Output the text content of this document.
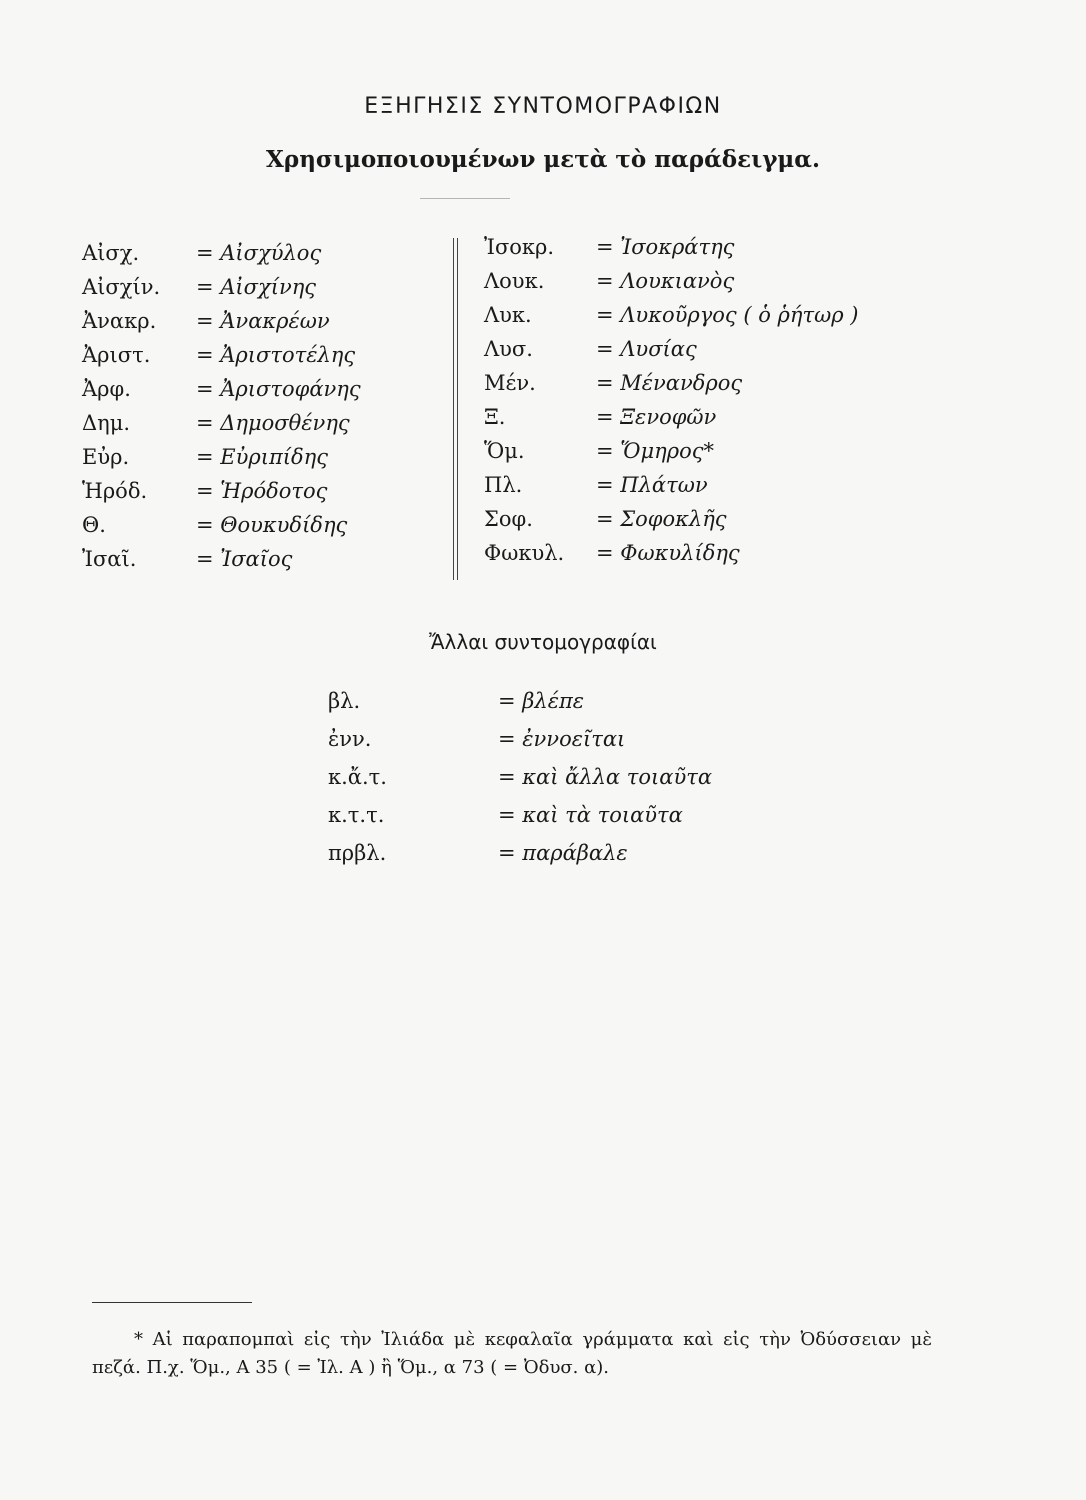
ΕΞΗΓΗΣΙΣ ΣΥΝΤΟΜΟΓΡΑΦΙΩΝ
Χρησιμοποιουμένων μετὰ τὸ παράδειγμα.
Αἰσχ.	= Αἰσχύλος
Αἰσχίν. = Αἰσχίνης
Ἀνακρ. = Ἀνακρέων
Ἀριστ. = Ἀριστοτέλης
Ἀρφ.	= Ἀριστοφάνης
Δημ.	= Δημοσθένης
Εὐρ.	= Εὐριπίδης
Ἡρόδ. = Ἡρόδοτος
Θ.	= Θουκυδίδης
Ἰσαῖ.	= Ἰσαῖος
Ἰσοκρ. = Ἰσοκράτης
Λουκ. = Λουκιανὸς
Λυκ.	= Λυκοῦργος ( ὁ ῥήτωρ )
Λυσ.	= Λυσίας
Μέν.	= Μένανδρος
Ξ.	= Ξενοφῶν
Ὅμ.	= Ὅμηρος*
Πλ.	= Πλάτων
Σοφ.	= Σοφοκλῆς
Φωκυλ. = Φωκυλίδης
Ἄλλαι συντομογραφίαι
βλ.	= βλέπε
ἐνν.	= ἐννοεῖται
κ.ἄ.τ.	= καὶ ἄλλα τοιαῦτα
κ.τ.τ.	= καὶ τὰ τοιαῦτα
πρβλ.	= παράβαλε

* Αἱ παραπομπαὶ εἰς τὴν Ἰλιάδα μὲ κεφαλαῖα γράμματα καὶ εἰς τὴν Ὀδύσσειαν μὲ πεζά. Π.χ. Ὅμ., Α 35 ( = Ἰλ. Α ) ἢ Ὅμ., α 73 ( = Ὀδυσ. α).
